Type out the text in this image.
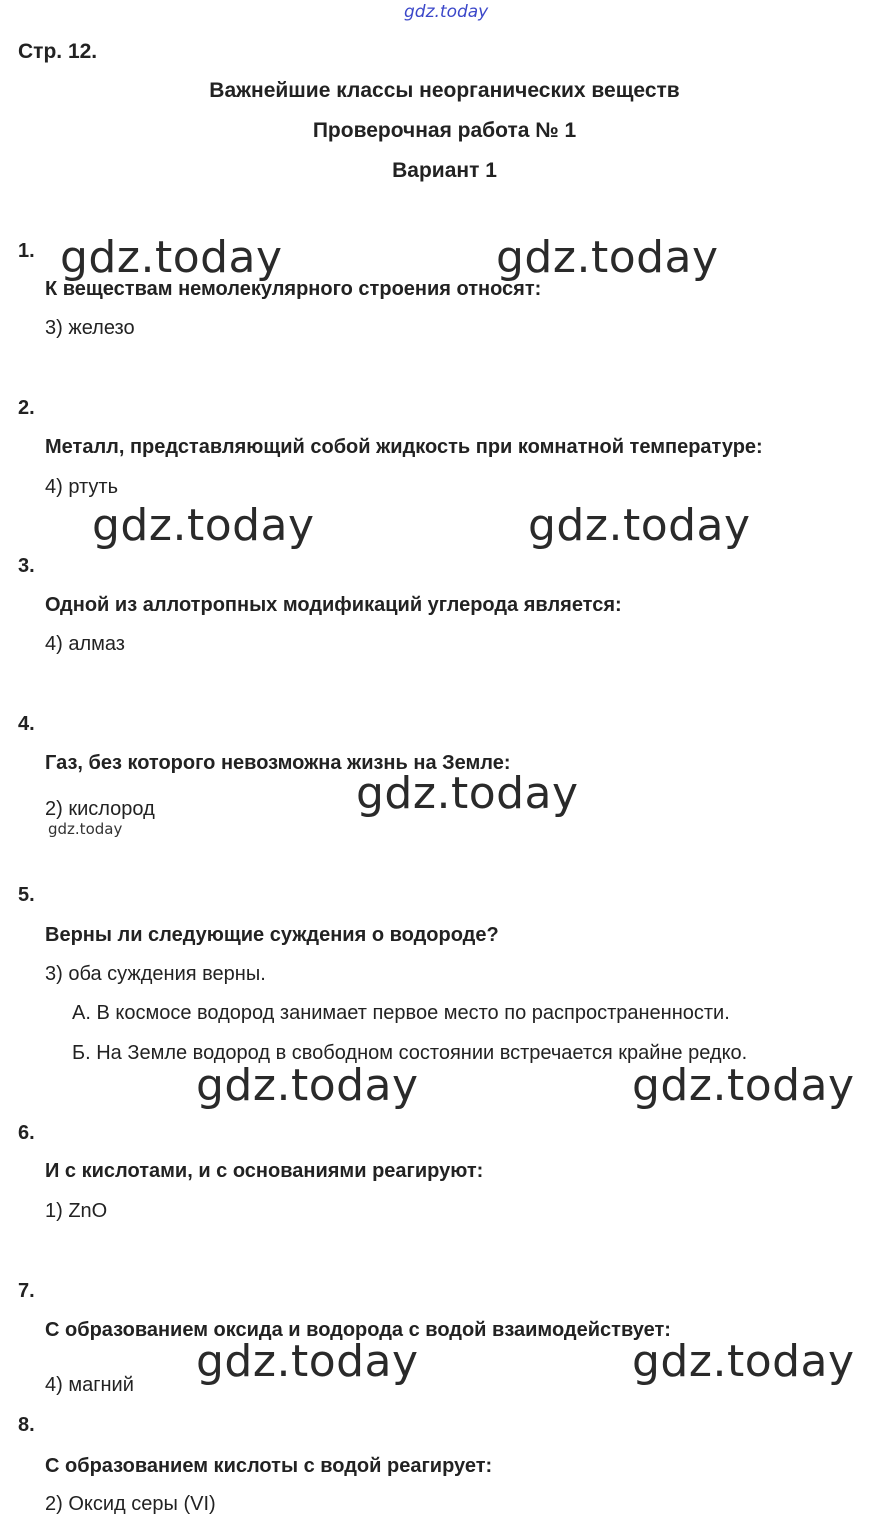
gdz.today
Стр. 12.
Важнейшие классы неорганических веществ
Проверочная работа № 1
Вариант 1
1.
К веществам немолекулярного строения относят:
3) железо
2.
Металл, представляющий собой жидкость при комнатной температуре:
4) ртуть
3.
Одной из аллотропных модификаций углерода является:
4) алмаз
4.
Газ, без которого невозможна жизнь на Земле:
2) кислород
5.
Верны ли следующие суждения о водороде?
3) оба суждения верны.
А. В космосе водород занимает первое место по распространенности.
Б. На Земле водород в свободном состоянии встречается крайне редко.
6.
И с кислотами, и с основаниями реагируют:
1) ZnO
7.
С образованием оксида и водорода с водой взаимодействует:
4) магний
8.
С образованием кислоты с водой реагирует:
2) Оксид серы (VI)
gdz.today	gdz.today
gdz.today	gdz.today
gdz.today
gdz.today
gdz.today	gdz.today
gdz.today	gdz.today
